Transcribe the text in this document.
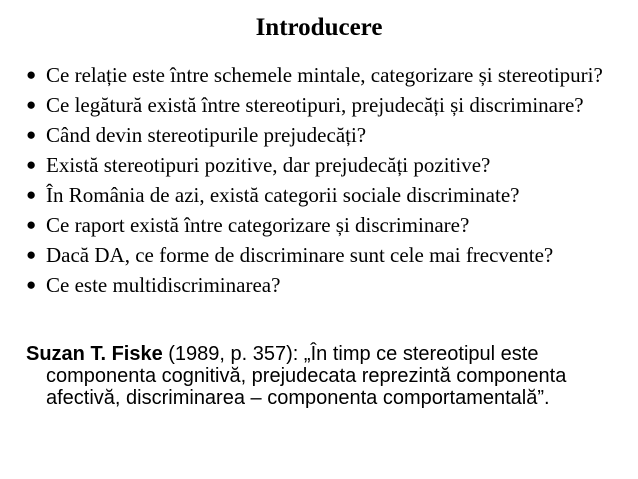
Introducere
● Ce relație este între schemele mintale, categorizare și stereotipuri?
● Ce legătură există între stereotipuri, prejudecăți și discriminare?
● Când devin stereotipurile prejudecăți?
● Există stereotipuri pozitive, dar prejudecăți pozitive?
● În România de azi, există categorii sociale discriminate?
● Ce raport există între categorizare și discriminare?
● Dacă DA, ce forme de discriminare sunt cele mai frecvente?
● Ce este multidiscriminarea?

Suzan T. Fiske (1989, p. 357): „În timp ce stereotipul este componenta cognitivă, prejudecata reprezintă componenta afectivă, discriminarea – componenta comportamentală”.
